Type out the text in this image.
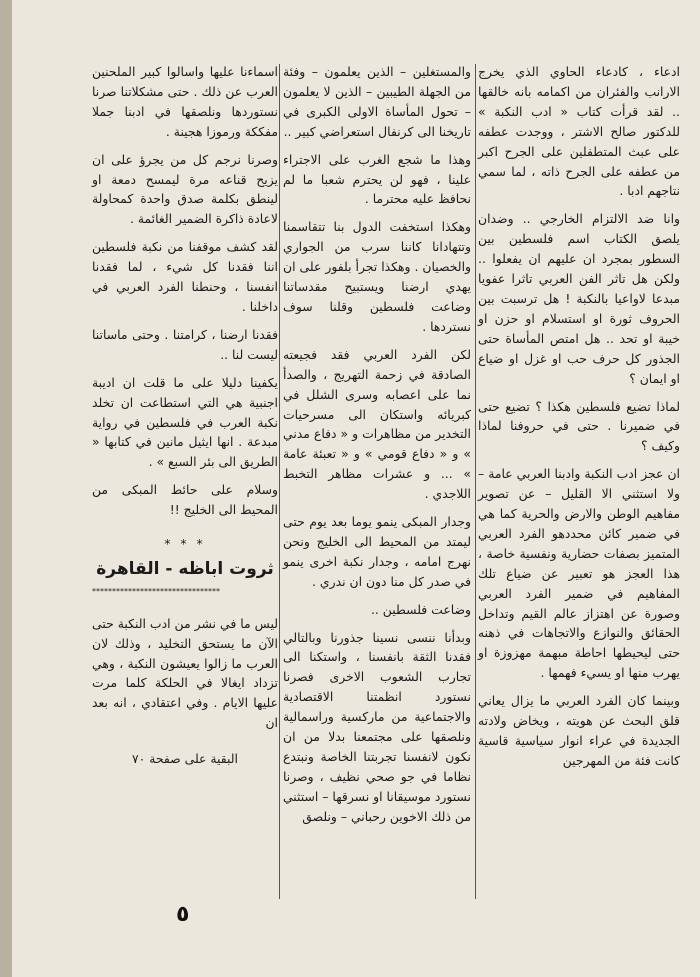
ادعاء ، كادعاء الحاوي الذي يخرج الارانب والفئران من اكمامه بانه خالقها .. لقد قرأت كتاب « ادب النكبة » للدكتور صالح الاشتر ، ووجدت عطفه على عبث المتطفلين على الجرح اكبر من عطفه على الجرح ذاته ، لما سمي نتاجهم ادبا .

وانا ضد الالتزام الخارجي .. وضدان يلصق الكتاب اسم فلسطين بين السطور بمجرد ان عليهم ان يفعلوا .. ولكن هل تاثر الفن العربي تاثرا عفويا مبدعا لاواعيا بالنكبة ! هل ترسبت بين الحروف ثورة او استسلام او حزن او خيبة او تحد .. هل امتص المأساة حتى الجذور كل حرف حب او غزل او ضياع او ايمان ؟

لماذا تضيع فلسطين هكذا ؟ تضيع حتى في ضميرنا . حتى في حروفنا لماذا وكيف ؟

ان عجز ادب النكبة وادبنا العربي عامة – ولا استثني الا القليل – عن تصوير مفاهيم الوطن والارض والحرية كما هي في ضمير كائن محددهو الفرد العربي المتميز بصفات حضارية ونفسية خاصة ، هذا العجز هو تعبير عن ضياع تلك المفاهيم في ضمير الفرد العربي وصورة عن اهتزاز عالم القيم وتداخل الحقائق والنوازع والاتجاهات في ذهنه حتى ليحيطها احاطة مبهمة مهزوزة او يهرب منها او يسيء فهمها .

وبينما كان الفرد العربي ما يزال يعاني قلق البحث عن هويته ، ويخاض ولادته الجديدة في عراء انوار سياسية قاسية كانت فئة من المهرجين

والمستغلين – الذين يعلمون – وفئة من الجهلة الطيبين – الذين لا يعلمون – تحول المأساة الاولى الكبرى في تاريخنا الى كرنفال استعراضي كبير ..

وهذا ما شجع الغرب على الاجتراء علينا ، فهو لن يحترم شعبا ما لم نحافظ عليه محترما .

وهكذا استخفت الدول بنا تتقاسمنا وتتهادانا كاننا سرب من الجواري والخصيان . وهكذا تجرأ بلفور على ان يهدي ارضنا ويستبيح مقدساتنا وضاعت فلسطين وقلنا سوف نستردها .

لكن الفرد العربي فقد فجيعته الصادقة في زحمة التهريج ، والصدأ نما على اعصابه وسرى الشلل في كبريائه واستكان الى مسرحيات التخدير من مظاهرات و « دفاع مدني » و « دفاع قومي » و « تعبئة عامة » ... و عشرات مظاهر التخبط اللاجدي .

وجدار المبكى ينمو يوما بعد يوم حتى ليمتد من المحيط الى الخليج ونحن نهرج امامه ، وجدار نكبة اخرى ينمو في صدر كل منا دون ان ندري .

وضاعت فلسطين ..

وبدأنا ننسى نسينا جذورنا وبالتالي فقدنا الثقة بانفسنا ، واستكنا الى تجارب الشعوب الاخرى فصرنا نستورد انظمتنا الاقتصادية والاجتماعية من ماركسية وراسمالية ونلصقها على مجتمعنا بدلا من ان نكون لانفسنا تجربتنا الخاصة ونبتدع نظاما في جو صحي نظيف ، وصرنا نستورد موسيقانا او نسرقها – استثني من ذلك الاخوين رحباني – ونلصق

اسماءنا عليها واسالوا كبير الملحنين العرب عن ذلك . حتى مشكلاتنا صرنا نستوردها ونلصقها في ادبنا جملا مفككة ورموزا هجينة .

وصرنا نرجم كل من يجرؤ على ان يزيح قناعه مرة ليمسح دمعة او لينطق بكلمة صدق واحدة كمحاولة لاعادة ذاكرة الضمير الغائمة .

لقد كشف موقفنا من نكبة فلسطين اننا فقدنا كل شيء ، لما فقدنا انفسنا ، وحنطنا الفرد العربي في داخلنا .

فقدنا ارضنا ، كرامتنا . وحتى ماساتنا ليست لنا ..

يكفينا دليلا على ما قلت ان اديبة اجنبية هي التي استطاعت ان تخلد نكبة العرب في فلسطين في رواية مبدعة . انها ايثيل مانين في كتابها « الطريق الى بئر السبع » .

وسلام على حائط المبكى من المحيط الى الخليج !!

* * *
ثروت اباظه - القاهرة
********************************

ليس ما في نشر من ادب النكبة حتى الآن ما يستحق التخليد ، وذلك لان العرب ما زالوا يعيشون النكبة ، وهي تزداد ايغالا في الحلكة كلما مرت عليها الايام . وفي اعتقادي ، انه بعد ان

البقية على صفحة ٧٠
٥
